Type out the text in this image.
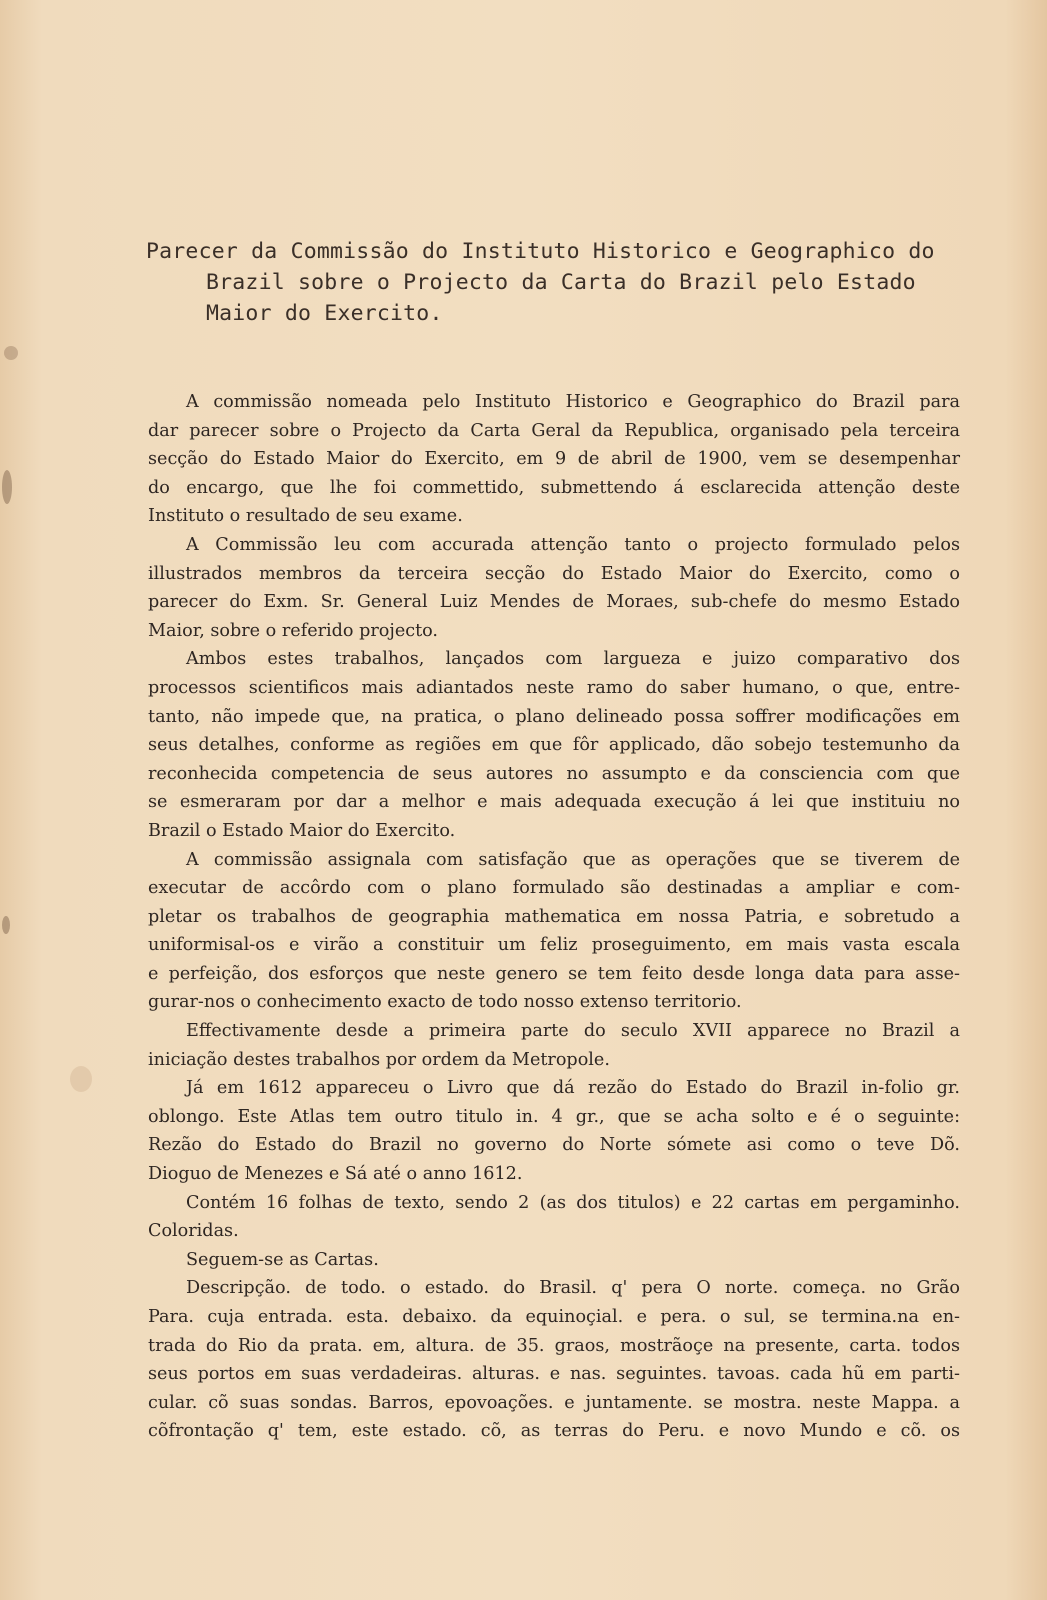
Parecer da Commissão do Instituto Historico e Geographico do
Brazil sobre o Projecto da Carta do Brazil pelo Estado
Maior do Exercito.
A commissão nomeada pelo Instituto Historico e Geographico do Brazil para
dar parecer sobre o Projecto da Carta Geral da Republica, organisado pela terceira
secção do Estado Maior do Exercito, em 9 de abril de 1900, vem se desempenhar
do encargo, que lhe foi commettido, submettendo á esclarecida attenção deste
Instituto o resultado de seu exame.
A Commissão leu com accurada attenção tanto o projecto formulado pelos
illustrados membros da terceira secção do Estado Maior do Exercito, como o
parecer do Exm. Sr. General Luiz Mendes de Moraes, sub-chefe do mesmo Estado
Maior, sobre o referido projecto.
Ambos estes trabalhos, lançados com largueza e juizo comparativo dos
processos scientificos mais adiantados neste ramo do saber humano, o que, entre-
tanto, não impede que, na pratica, o plano delineado possa soffrer modificações em
seus detalhes, conforme as regiões em que fôr applicado, dão sobejo testemunho da
reconhecida competencia de seus autores no assumpto e da consciencia com que
se esmeraram por dar a melhor e mais adequada execução á lei que instituiu no
Brazil o Estado Maior do Exercito.
A commissão assignala com satisfação que as operações que se tiverem de
executar de accôrdo com o plano formulado são destinadas a ampliar e com-
pletar os trabalhos de geographia mathematica em nossa Patria, e sobretudo a
uniformisal-os e virão a constituir um feliz proseguimento, em mais vasta escala
e perfeição, dos esforços que neste genero se tem feito desde longa data para asse-
gurar-nos o conhecimento exacto de todo nosso extenso territorio.
Effectivamente desde a primeira parte do seculo XVII apparece no Brazil a
iniciação destes trabalhos por ordem da Metropole.
Já em 1612 appareceu o Livro que dá rezão do Estado do Brazil in-folio gr.
oblongo. Este Atlas tem outro titulo in. 4 gr., que se acha solto e é o seguinte:
Rezão do Estado do Brazil no governo do Norte sómete asi como o teve Dõ.
Dioguo de Menezes e Sá até o anno 1612.
Contém 16 folhas de texto, sendo 2 (as dos titulos) e 22 cartas em pergaminho.
Coloridas.
Seguem-se as Cartas.
Descripção. de todo. o estado. do Brasil. q' pera O norte. começa. no Grão
Para. cuja entrada. esta. debaixo. da equinoçial. e pera. o sul, se termina.na en-
trada do Rio da prata. em, altura. de 35. graos, mostrãoçe na presente, carta. todos
seus portos em suas verdadeiras. alturas. e nas. seguintes. tavoas. cada hũ em parti-
cular. cõ suas sondas. Barros, epovoações. e juntamente. se mostra. neste Mappa. a
cõfrontação q' tem, este estado. cõ, as terras do Peru. e novo Mundo e cõ. os
